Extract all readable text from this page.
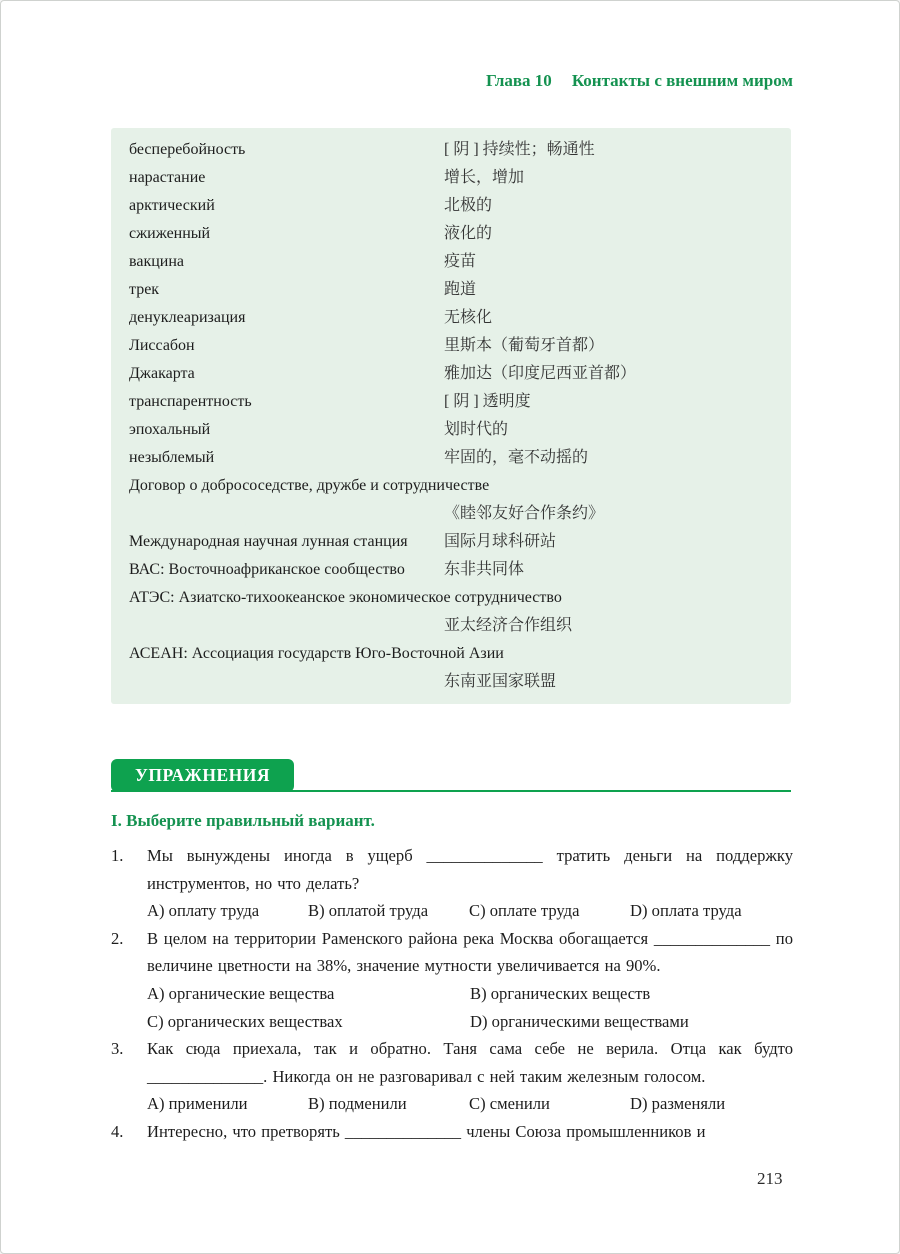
Глава 10 Контакты с внешним миром
бесперебойность	[ 阴 ] 持续性；畅通性
нарастание	增长，增加
арктический	北极的
сжиженный	液化的
вакцина	疫苗
трек	跑道
денуклеаризация	无核化
Лиссабон	里斯本（葡萄牙首都）
Джакарта	雅加达（印度尼西亚首都）
транспарентность	[ 阴 ] 透明度
эпохальный	划时代的
незыблемый	牢固的，毫不动摇的
Договор о добрососедстве, дружбе и сотрудничестве
《睦邻友好合作条约》
Международная научная лунная станция 国际月球科研站
ВАС: Восточноафриканское сообщество 东非共同体
АТЭС: Азиатско-тихоокеанское экономическое сотрудничество
亚太经济合作组织
АСЕАН: Ассоциация государств Юго-Восточной Азии
东南亚国家联盟
УПРАЖНЕНИЯ
I. Выберите правильный вариант.
1.	Мы вынуждены иногда в ущерб ______________ тратить деньги на поддержку инструментов, но что делать?
А) оплату труда	В) оплатой труда	С) оплате труда	D) оплата труда
2.	В целом на территории Раменского района река Москва обогащается ______________ по величине цветности на 38%, значение мутности увеличивается на 90%.
А) органические вещества	В) органических веществ
С) органических веществах	D) органическими веществами
3.	Как сюда приехала, так и обратно. Таня сама себе не верила. Отца как будто ______________. Никогда он не разговаривал с ней таким железным голосом.
А) применили	В) подменили	С) сменили	D) разменяли
4.	Интересно, что претворять ______________ члены Союза промышленников и
213
